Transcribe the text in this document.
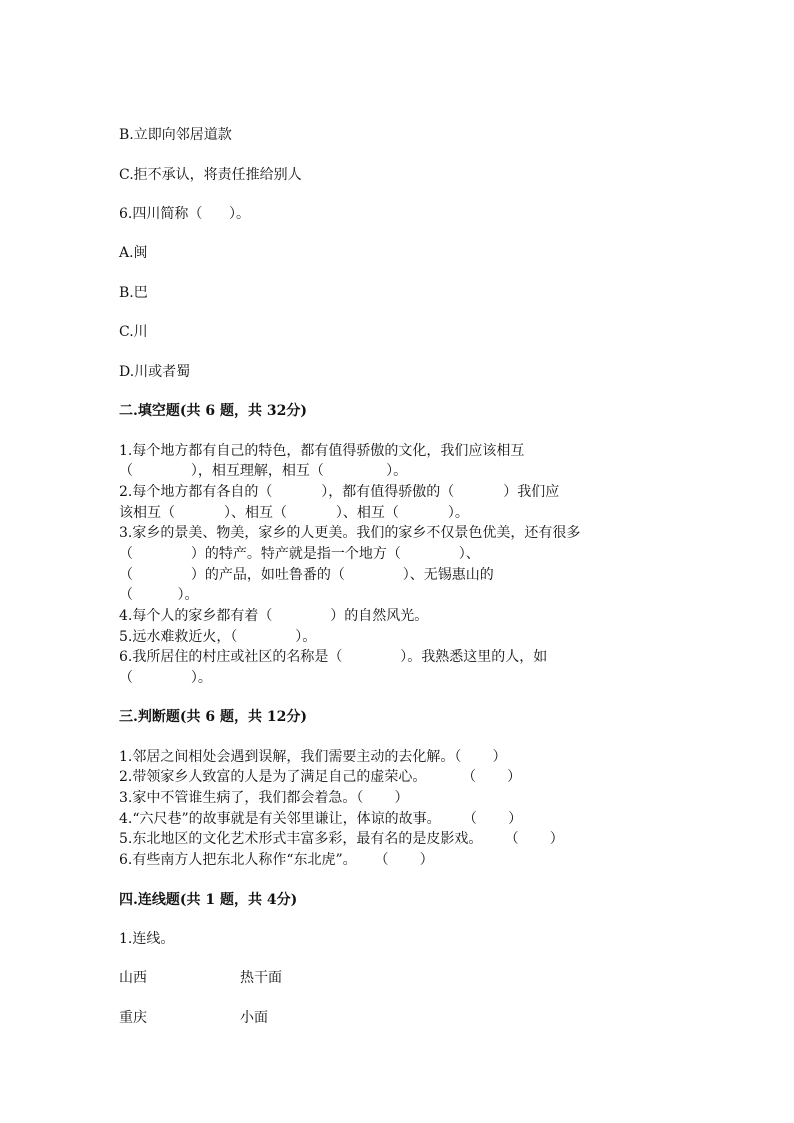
B.立即向邻居道款
C.拒不承认，将责任推给别人
6.四川简称（      ）。
A.闽
B.巴
C.川
D.川或者蜀
二.填空题(共 6 题，共 32分)
1.每个地方都有自己的特色，都有值得骄傲的文化，我们应该相互
（             ），相互理解，相互（              ）。
2.每个地方都有各自的（           ），都有值得骄傲的（           ）我们应
该相互（           ）、相互（           ）、相互（           ）。
3.家乡的景美、物美，家乡的人更美。我们的家乡不仅景色优美，还有很多
（             ）的特产。特产就是指一个地方（             ）、
（             ）的产品，如吐鲁番的（             ）、无锡惠山的
（          ）。
4.每个人的家乡都有着（             ）的自然风光。
5.远水难救近火，（             ）。
6.我所居住的村庄或社区的名称是（             ）。我熟悉这里的人，如
（             ）。
三.判断题(共 6 题，共 12分)
1.邻居之间相处会遇到误解，我们需要主动的去化解。（       ）
2.带领家乡人致富的人是为了满足自己的虚荣心。        （       ）
3.家中不管谁生病了，我们都会着急。（       ）
4.“六尺巷”的故事就是有关邻里谦让，体谅的故事。     （       ）
5.东北地区的文化艺术形式丰富多彩，最有名的是皮影戏。     （       ）
6.有些南方人把东北人称作“东北虎”。    （       ）
四.连线题(共 1 题，共 4分)
1.连线。
山西	热干面
重庆	小面
